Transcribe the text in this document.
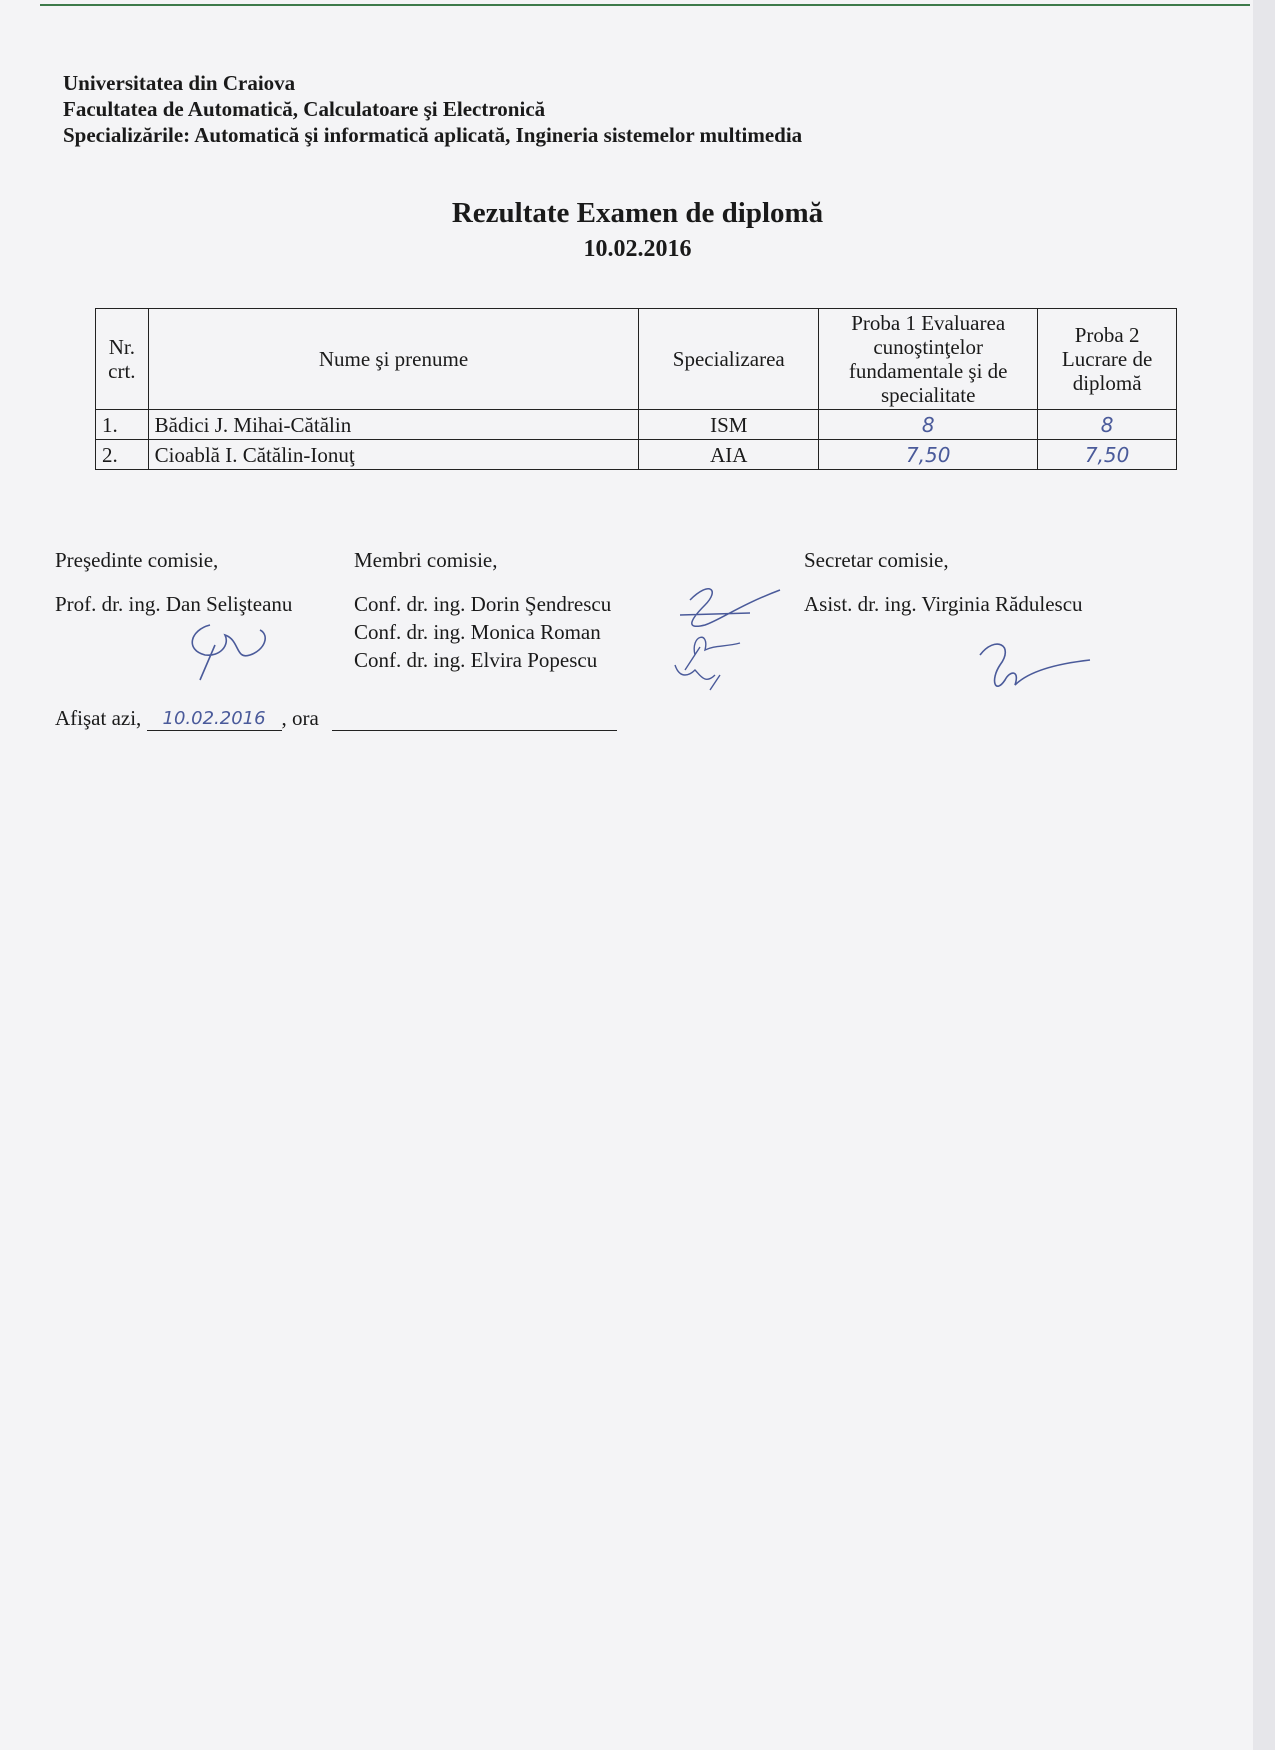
Universitatea din Craiova
Facultatea de Automatică, Calculatoare şi Electronică
Specializările: Automatică şi informatică aplicată, Ingineria sistemelor multimedia
Rezultate Examen de diplomă
10.02.2016
Nr. crt.	Nume şi prenume	Specializarea	Proba 1 Evaluarea cunoştinţelor fundamentale şi de specialitate	Proba 2 Lucrare de diplomă
1.	Bădici J. Mihai-Cătălin	ISM	8	8
2.	Cioablă I. Cătălin-Ionuţ	AIA	7,50	7,50
Preşedinte comisie,
Prof. dr. ing. Dan Selişteanu
Membri comisie,
Conf. dr. ing. Dorin Şendrescu
Conf. dr. ing. Monica Roman
Conf. dr. ing. Elvira Popescu
Secretar comisie,
Asist. dr. ing. Virginia Rădulescu
Afişat azi, 10.02.2016 , ora
